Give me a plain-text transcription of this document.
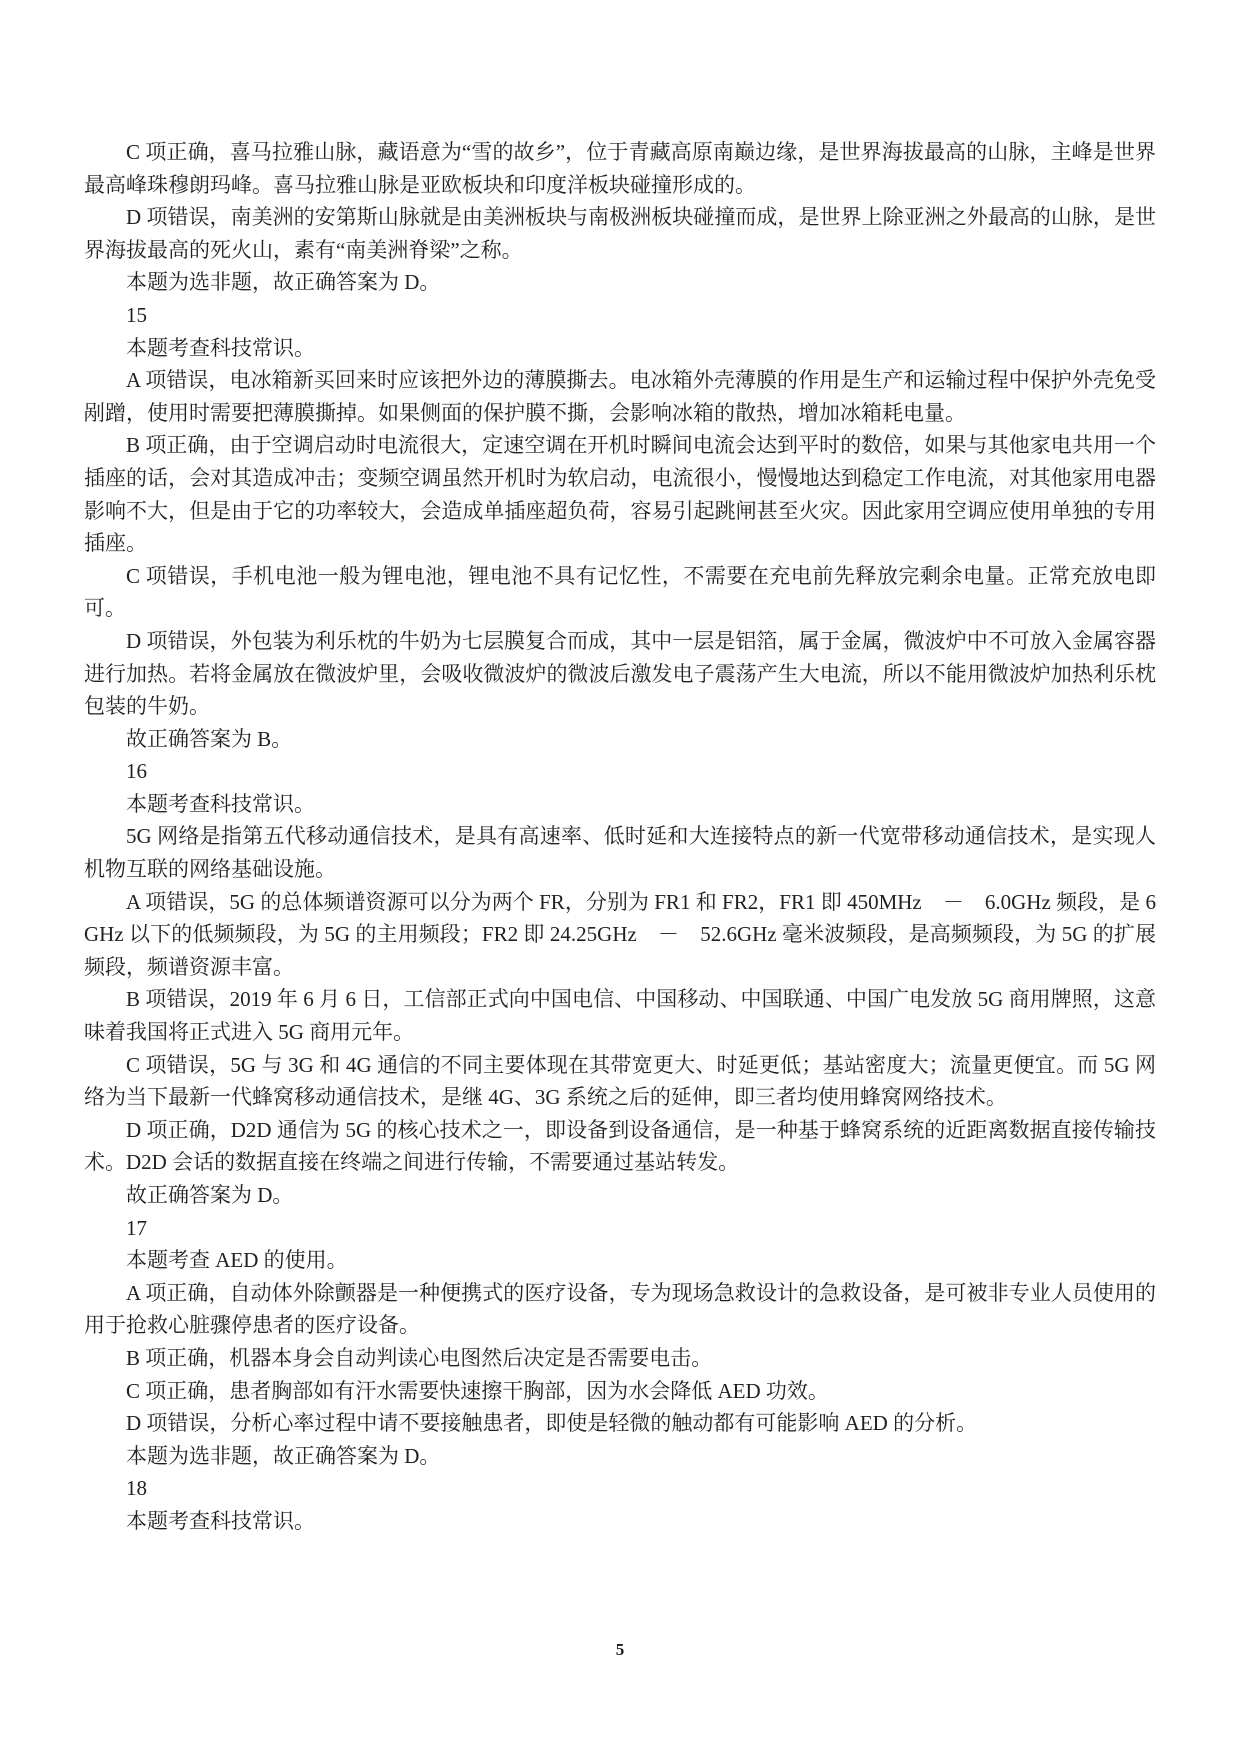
C 项正确，喜马拉雅山脉，藏语意为“雪的故乡”，位于青藏高原南巅边缘，是世界海拔最高的山脉，主峰是世界最高峰珠穆朗玛峰。喜马拉雅山脉是亚欧板块和印度洋板块碰撞形成的。

D 项错误，南美洲的安第斯山脉就是由美洲板块与南极洲板块碰撞而成，是世界上除亚洲之外最高的山脉，是世界海拔最高的死火山，素有“南美洲脊梁”之称。

本题为选非题，故正确答案为 D。

15

本题考查科技常识。

A 项错误，电冰箱新买回来时应该把外边的薄膜撕去。电冰箱外壳薄膜的作用是生产和运输过程中保护外壳免受剐蹭，使用时需要把薄膜撕掉。如果侧面的保护膜不撕，会影响冰箱的散热，增加冰箱耗电量。

B 项正确，由于空调启动时电流很大，定速空调在开机时瞬间电流会达到平时的数倍，如果与其他家电共用一个插座的话，会对其造成冲击；变频空调虽然开机时为软启动，电流很小，慢慢地达到稳定工作电流，对其他家用电器影响不大，但是由于它的功率较大，会造成单插座超负荷，容易引起跳闸甚至火灾。因此家用空调应使用单独的专用插座。

C 项错误，手机电池一般为锂电池，锂电池不具有记忆性，不需要在充电前先释放完剩余电量。正常充放电即可。

D 项错误，外包装为利乐枕的牛奶为七层膜复合而成，其中一层是铝箔，属于金属，微波炉中不可放入金属容器进行加热。若将金属放在微波炉里，会吸收微波炉的微波后激发电子震荡产生大电流，所以不能用微波炉加热利乐枕包装的牛奶。

故正确答案为 B。

16

本题考查科技常识。

5G 网络是指第五代移动通信技术，是具有高速率、低时延和大连接特点的新一代宽带移动通信技术，是实现人机物互联的网络基础设施。

A 项错误，5G 的总体频谱资源可以分为两个 FR，分别为 FR1 和 FR2，FR1 即 450MHz　－　6.0GHz 频段，是 6GHz 以下的低频频段，为 5G 的主用频段；FR2 即 24.25GHz　－　52.6GHz 毫米波频段，是高频频段，为 5G 的扩展频段，频谱资源丰富。

B 项错误，2019 年 6 月 6 日，工信部正式向中国电信、中国移动、中国联通、中国广电发放 5G 商用牌照，这意味着我国将正式进入 5G 商用元年。

C 项错误，5G 与 3G 和 4G 通信的不同主要体现在其带宽更大、时延更低；基站密度大；流量更便宜。而 5G 网络为当下最新一代蜂窝移动通信技术，是继 4G、3G 系统之后的延伸，即三者均使用蜂窝网络技术。

D 项正确，D2D 通信为 5G 的核心技术之一，即设备到设备通信，是一种基于蜂窝系统的近距离数据直接传输技术。D2D 会话的数据直接在终端之间进行传输，不需要通过基站转发。

故正确答案为 D。

17

本题考查 AED 的使用。

A 项正确，自动体外除颤器是一种便携式的医疗设备，专为现场急救设计的急救设备，是可被非专业人员使用的用于抢救心脏骤停患者的医疗设备。

B 项正确，机器本身会自动判读心电图然后决定是否需要电击。

C 项正确，患者胸部如有汗水需要快速擦干胸部，因为水会降低 AED 功效。

D 项错误，分析心率过程中请不要接触患者，即使是轻微的触动都有可能影响 AED 的分析。

本题为选非题，故正确答案为 D。

18

本题考查科技常识。

5
